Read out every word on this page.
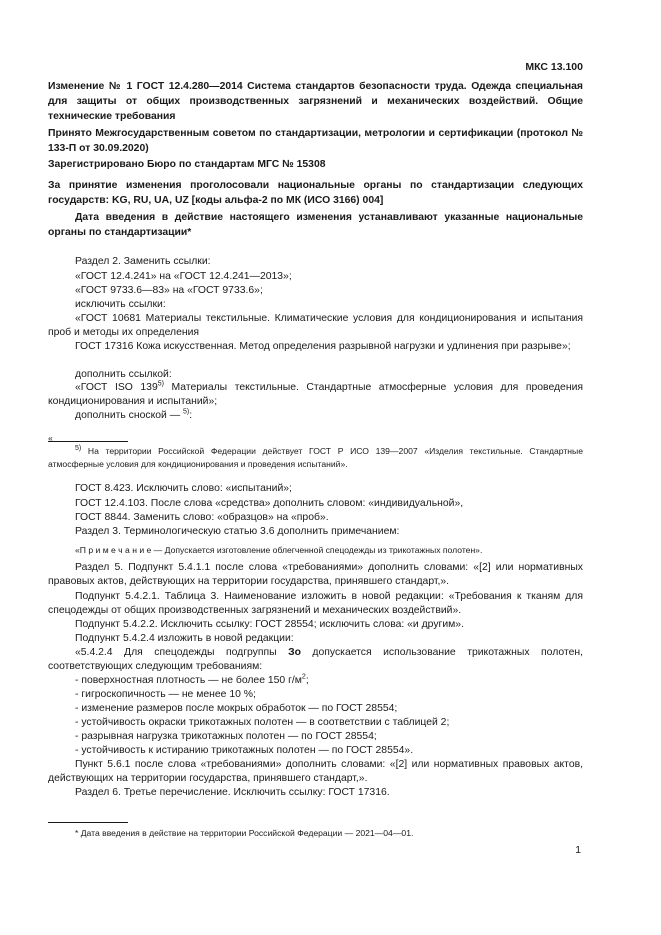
МКС 13.100
Изменение № 1 ГОСТ 12.4.280—2014 Система стандартов безопасности труда. Одежда специальная для защиты от общих производственных загрязнений и механических воздействий. Общие технические требования
Принято Межгосударственным советом по стандартизации, метрологии и сертификации (протокол № 133-П от 30.09.2020)
Зарегистрировано Бюро по стандартам МГС № 15308
За принятие изменения проголосовали национальные органы по стандартизации следующих государств: KG, RU, UA, UZ [коды альфа-2 по МК (ИСО 3166) 004]
Дата введения в действие настоящего изменения устанавливают указанные национальные органы по стандартизации*
Раздел 2. Заменить ссылки:
«ГОСТ 12.4.241» на «ГОСТ 12.4.241—2013»;
«ГОСТ 9733.6—83» на «ГОСТ 9733.6»;
исключить ссылки:
«ГОСТ 10681 Материалы текстильные. Климатические условия для кондиционирования и испытания проб и методы их определения
ГОСТ 17316 Кожа искусственная. Метод определения разрывной нагрузки и удлинения при разрыве»;
дополнить ссылкой:
«ГОСТ ISO 139$^{5)}$ Материалы текстильные. Стандартные атмосферные условия для проведения кондиционирования и испытаний»;
дополнить сноской — $^{5)}$:
«
$^{5)}$ На территории Российской Федерации действует ГОСТ Р ИСО 139—2007 «Изделия текстильные. Стандартные атмосферные условия для кондиционирования и проведения испытаний».
ГОСТ 8.423. Исключить слово: «испытаний»;
ГОСТ 12.4.103. После слова «средства» дополнить словом: «индивидуальной»,
ГОСТ 8844. Заменить слово: «образцов» на «проб».
Раздел 3. Терминологическую статью 3.6 дополнить примечанием:
«П р и м е ч а н и е — Допускается изготовление облегченной спецодежды из трикотажных полотен».
Раздел 5. Подпункт 5.4.1.1 после слова «требованиями» дополнить словами: «[2] или нормативных правовых актов, действующих на территории государства, принявшего стандарт,».
Подпункт 5.4.2.1. Таблица 3. Наименование изложить в новой редакции: «Требования к тканям для спецодежды от общих производственных загрязнений и механических воздействий».
Подпункт 5.4.2.2. Исключить ссылку: ГОСТ 28554; исключить слова: «и другим».
Подпункт 5.4.2.4 изложить в новой редакции:
«5.4.2.4 Для спецодежды подгруппы Зо допускается использование трикотажных полотен, соответствующих следующим требованиям:
- поверхностная плотность — не более 150 $г/м^2$;
- гигроскопичность — не менее 10 %;
- изменение размеров после мокрых обработок — по ГОСТ 28554;
- устойчивость окраски трикотажных полотен — в соответствии с таблицей 2;
- разрывная нагрузка трикотажных полотен — по ГОСТ 28554;
- устойчивость к истиранию трикотажных полотен — по ГОСТ 28554».
Пункт 5.6.1 после слова «требованиями» дополнить словами: «[2] или нормативных правовых актов, действующих на территории государства, принявшего стандарт,».
Раздел 6. Третье перечисление. Исключить ссылку: ГОСТ 17316.
* Дата введения в действие на территории Российской Федерации — 2021—04—01.
1
